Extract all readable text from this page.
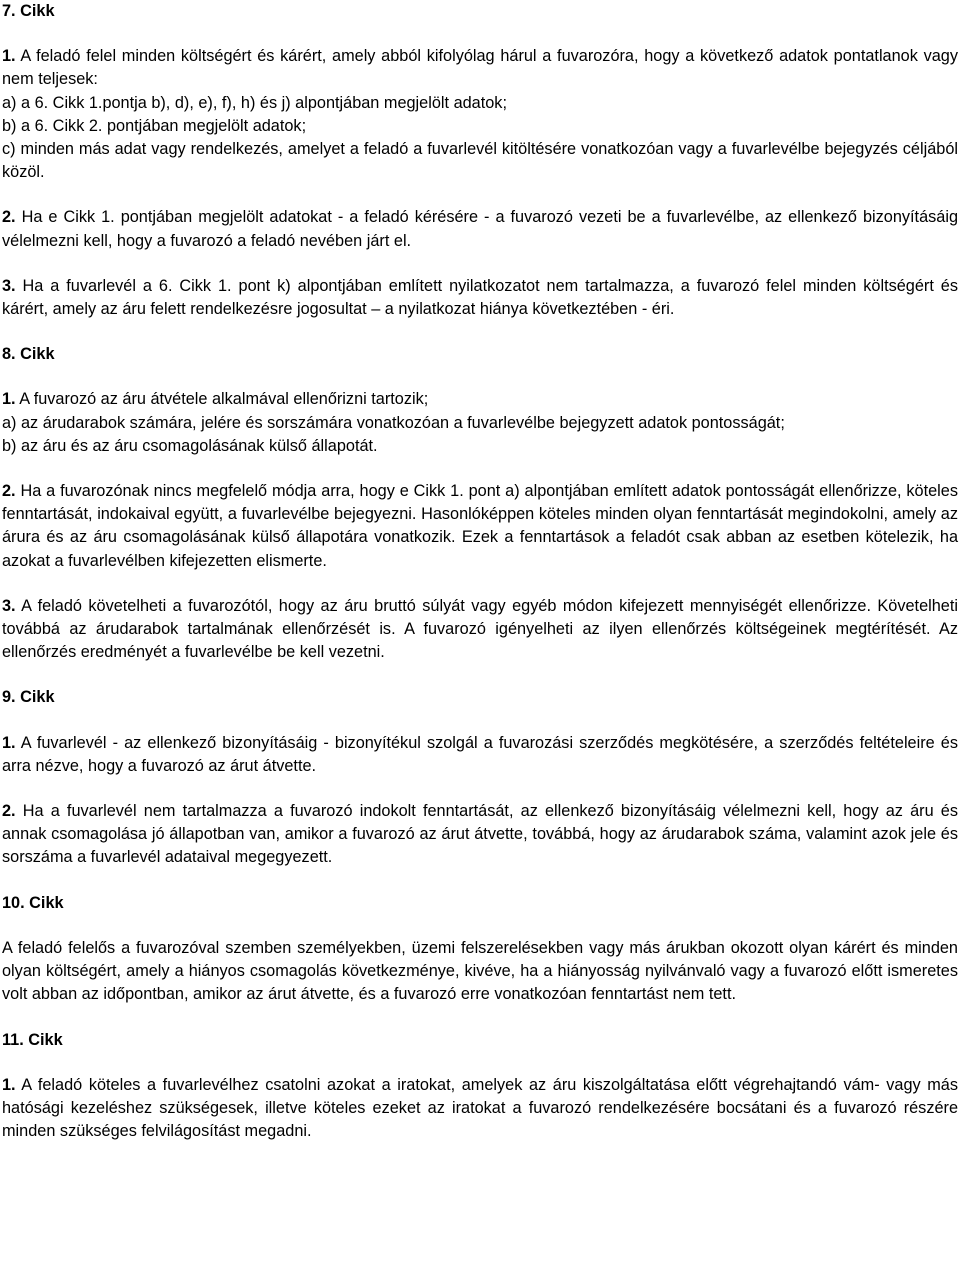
7. Cikk

1. A feladó felel minden költségért és kárért, amely abból kifolyólag hárul a fuvarozóra, hogy a következő adatok pontatlanok vagy nem teljesek:

a) a 6. Cikk 1.pontja b), d), e), f), h) és j) alpontjában megjelölt adatok;

b) a 6. Cikk 2. pontjában megjelölt adatok;

c) minden más adat vagy rendelkezés, amelyet a feladó a fuvarlevél kitöltésére vonatkozóan vagy a fuvarlevélbe bejegyzés céljából közöl.

2. Ha e Cikk 1. pontjában megjelölt adatokat - a feladó kérésére - a fuvarozó vezeti be a fuvarlevélbe, az ellenkező bizonyításáig vélelmezni kell, hogy a fuvarozó a feladó nevében járt el.

3. Ha a fuvarlevél a 6. Cikk 1. pont k) alpontjában említett nyilatkozatot nem tartalmazza, a fuvarozó felel minden költségért és kárért, amely az áru felett rendelkezésre jogosultat – a nyilatkozat hiánya következtében - éri.

8. Cikk

1. A fuvarozó az áru átvétele alkalmával ellenőrizni tartozik;

a) az árudarabok számára, jelére és sorszámára vonatkozóan a fuvarlevélbe bejegyzett adatok pontosságát;

b) az áru és az áru csomagolásának külső állapotát.

2. Ha a fuvarozónak nincs megfelelő módja arra, hogy e Cikk 1. pont a) alpontjában említett adatok pontosságát ellenőrizze, köteles fenntartását, indokaival együtt, a fuvarlevélbe bejegyezni. Hasonlóképpen köteles minden olyan fenntartását megindokolni, amely az árura és az áru csomagolásának külső állapotára vonatkozik. Ezek a fenntartások a feladót csak abban az esetben kötelezik, ha azokat a fuvarlevélben kifejezetten elismerte.

3. A feladó követelheti a fuvarozótól, hogy az áru bruttó súlyát vagy egyéb módon kifejezett mennyiségét ellenőrizze. Követelheti továbbá az árudarabok tartalmának ellenőrzését is. A fuvarozó igényelheti az ilyen ellenőrzés költségeinek megtérítését. Az ellenőrzés eredményét a fuvarlevélbe be kell vezetni.

9. Cikk

1. A fuvarlevél - az ellenkező bizonyításáig - bizonyítékul szolgál a fuvarozási szerződés megkötésére, a szerződés feltételeire és arra nézve, hogy a fuvarozó az árut átvette.

2. Ha a fuvarlevél nem tartalmazza a fuvarozó indokolt fenntartását, az ellenkező bizonyításáig vélelmezni kell, hogy az áru és annak csomagolása jó állapotban van, amikor a fuvarozó az árut átvette, továbbá, hogy az árudarabok száma, valamint azok jele és sorszáma a fuvarlevél adataival megegyezett.

10. Cikk

A feladó felelős a fuvarozóval szemben személyekben, üzemi felszerelésekben vagy más árukban okozott olyan kárért és minden olyan költségért, amely a hiányos csomagolás következménye, kivéve, ha a hiányosság nyilvánvaló vagy a fuvarozó előtt ismeretes volt abban az időpontban, amikor az árut átvette, és a fuvarozó erre vonatkozóan fenntartást nem tett.

11. Cikk

1. A feladó köteles a fuvarlevélhez csatolni azokat a iratokat, amelyek az áru kiszolgáltatása előtt végrehajtandó vám- vagy más hatósági kezeléshez szükségesek, illetve köteles ezeket az iratokat a fuvarozó rendelkezésére bocsátani és a fuvarozó részére minden szükséges felvilágosítást megadni.
